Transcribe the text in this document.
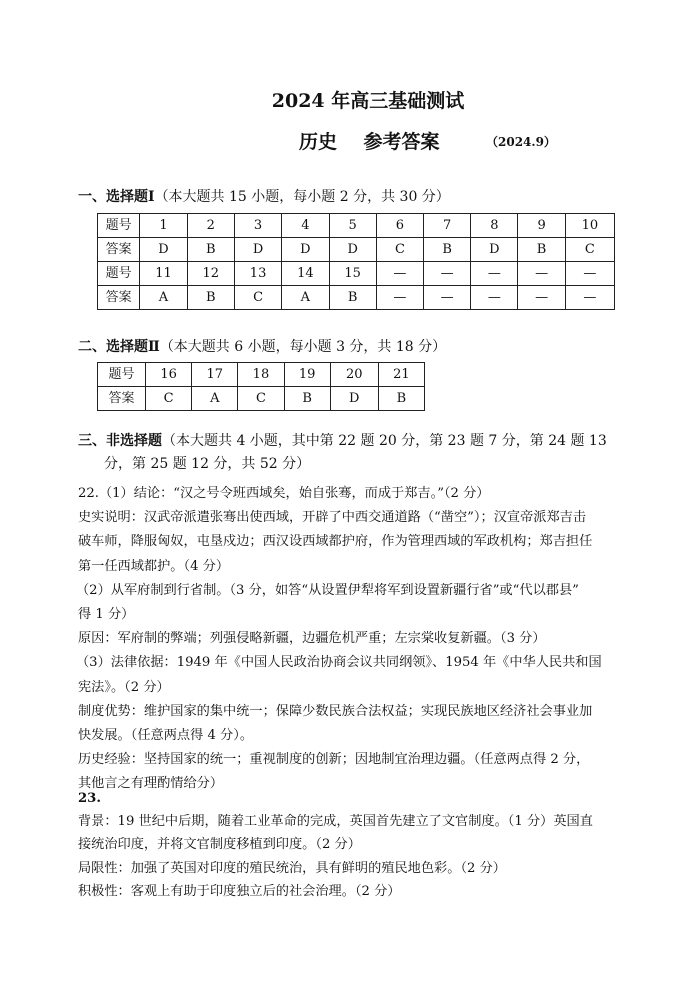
2024 年高三基础测试
历史    参考答案	（2024.9）
一、选择题Ⅰ（本大题共 15 小题，每小题 2 分，共 30 分）
题号	1	2	3	4	5	6	7	8	9	10
答案	D	B	D	D	D	C	B	D	B	C
题号	11	12	13	14	15	—	—	—	—	—
答案	A	B	C	A	B	—	—	—	—	—
二、选择题Ⅱ（本大题共 6 小题，每小题 3 分，共 18 分）
题号	16	17	18	19	20	21
答案	C	A	C	B	D	B
三、非选择题（本大题共 4 小题，其中第 22 题 20 分，第 23 题 7 分，第 24 题 13
分，第 25 题 12 分，共 52 分）
22.（1）结论：“汉之号令班西域矣，始自张骞，而成于郑吉。”（2 分）
史实说明：汉武帝派遣张骞出使西域，开辟了中西交通道路（“凿空”）；汉宣帝派郑吉击
破车师，降服匈奴，屯垦戍边；西汉设西域都护府，作为管理西域的军政机构；郑吉担任
第一任西域都护。（4 分）
（2）从军府制到行省制。（3 分，如答“从设置伊犁将军到设置新疆行省”或“代以郡县”
得 1 分）
原因：军府制的弊端；列强侵略新疆，边疆危机严重；左宗棠收复新疆。（3 分）
（3）法律依据：1949 年《中国人民政治协商会议共同纲领》、1954 年《中华人民共和国
宪法》。（2 分）
制度优势：维护国家的集中统一；保障少数民族合法权益；实现民族地区经济社会事业加
快发展。（任意两点得 4 分）。
历史经验：坚持国家的统一；重视制度的创新；因地制宜治理边疆。（任意两点得 2 分，
其他言之有理酌情给分）
23.
背景：19 世纪中后期，随着工业革命的完成，英国首先建立了文官制度。（1 分）英国直
接统治印度，并将文官制度移植到印度。（2 分）
局限性：加强了英国对印度的殖民统治，具有鲜明的殖民地色彩。（2 分）
积极性：客观上有助于印度独立后的社会治理。（2 分）
